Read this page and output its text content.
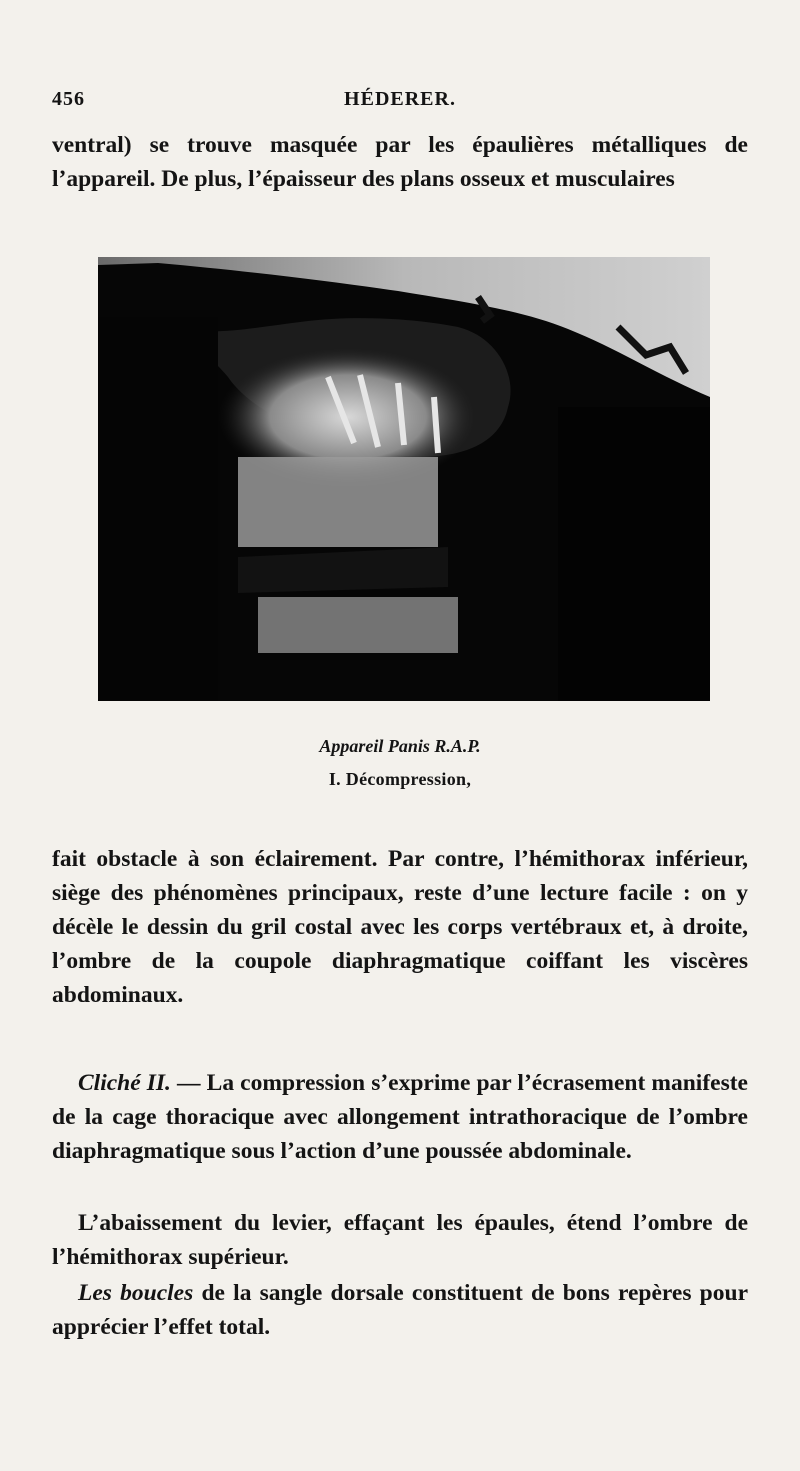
456	HÉDERER.

ventral) se trouve masquée par les épaulières métalliques de l’appareil. De plus, l’épaisseur des plans osseux et musculaires

Appareil Panis R.‌A.‌P.

I. Décompression,

fait obstacle à son éclairement. Par contre, l’hémithorax inférieur, siège des phénomènes principaux, reste d’une lecture facile : on y décèle le dessin du gril costal avec les corps vertébraux et, à droite, l’ombre de la coupole diaphragmatique coiffant les viscères abdominaux.

Cliché II. — La compression s’exprime par l’écrasement manifeste de la cage thoracique avec allongement intrathoracique de l’ombre diaphragmatique sous l’action d’une poussée abdominale.

L’abaissement du levier, effaçant les épaules, étend l’ombre de l’hémithorax supérieur.

Les boucles de la sangle dorsale constituent de bons repères pour apprécier l’effet total.
